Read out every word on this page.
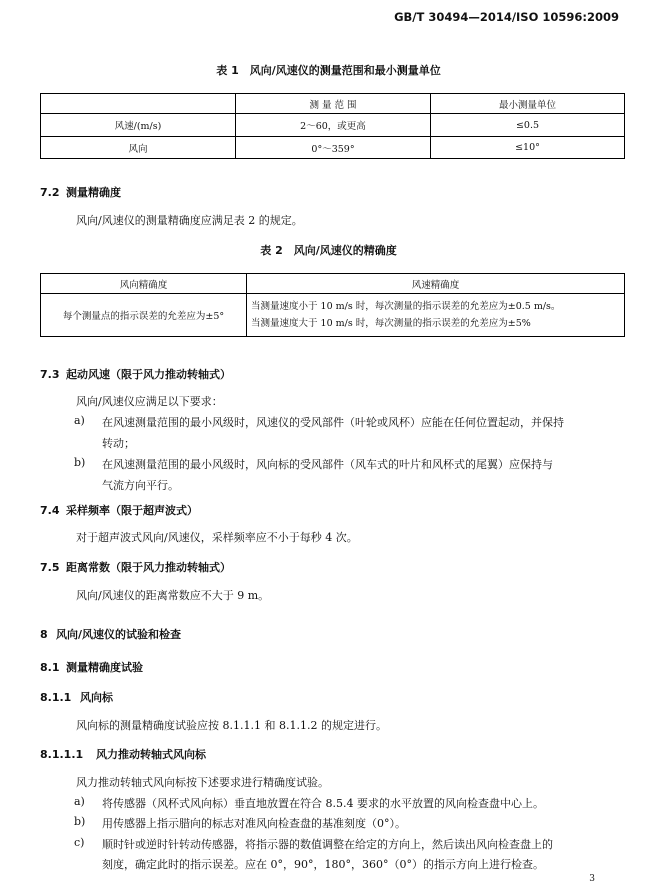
GB/T 30494—2014/ISO 10596:2009
表 1　风向/风速仪的测量范围和最小测量单位
	测 量 范 围	最小测量单位
风速/(m/s)	2～60，或更高	≤0.5
风向	0°～359°	≤10°
7.2 测量精确度
风向/风速仪的测量精确度应满足表 2 的规定。
表 2　风向/风速仪的精确度
风向精确度	风速精确度
每个测量点的指示误差的允差应为±5°	当测量速度小于 10 m/s 时，每次测量的指示误差的允差应为±0.5 m/s。
当测量速度大于 10 m/s 时，每次测量的指示误差的允差应为±5%
7.3 起动风速（限于风力推动转轴式）
风向/风速仪应满足以下要求：
a) 在风速测量范围的最小风级时，风速仪的受风部件（叶轮或风杯）应能在任何位置起动，并保持
转动；
b) 在风速测量范围的最小风级时，风向标的受风部件（风车式的叶片和风杯式的尾翼）应保持与
气流方向平行。
7.4 采样频率（限于超声波式）
对于超声波式风向/风速仪，采样频率应不小于每秒 4 次。
7.5 距离常数（限于风力推动转轴式）
风向/风速仪的距离常数应不大于 9 m。
8 风向/风速仪的试验和检查
8.1 测量精确度试验
8.1.1 风向标
风向标的测量精确度试验应按 8.1.1.1 和 8.1.1.2 的规定进行。
8.1.1.1 风力推动转轴式风向标
风力推动转轴式风向标按下述要求进行精确度试验。
a) 将传感器（风杯式风向标）垂直地放置在符合 8.5.4 要求的水平放置的风向检查盘中心上。
b) 用传感器上指示腊向的标志对准风向检查盘的基准刻度（0°）。
c) 顺时针或逆时针转动传感器，将指示器的数值调整在给定的方向上，然后读出风向检查盘上的
刻度，确定此时的指示误差。应在 0°，90°，180°，360°（0°）的指示方向上进行检查。
3
